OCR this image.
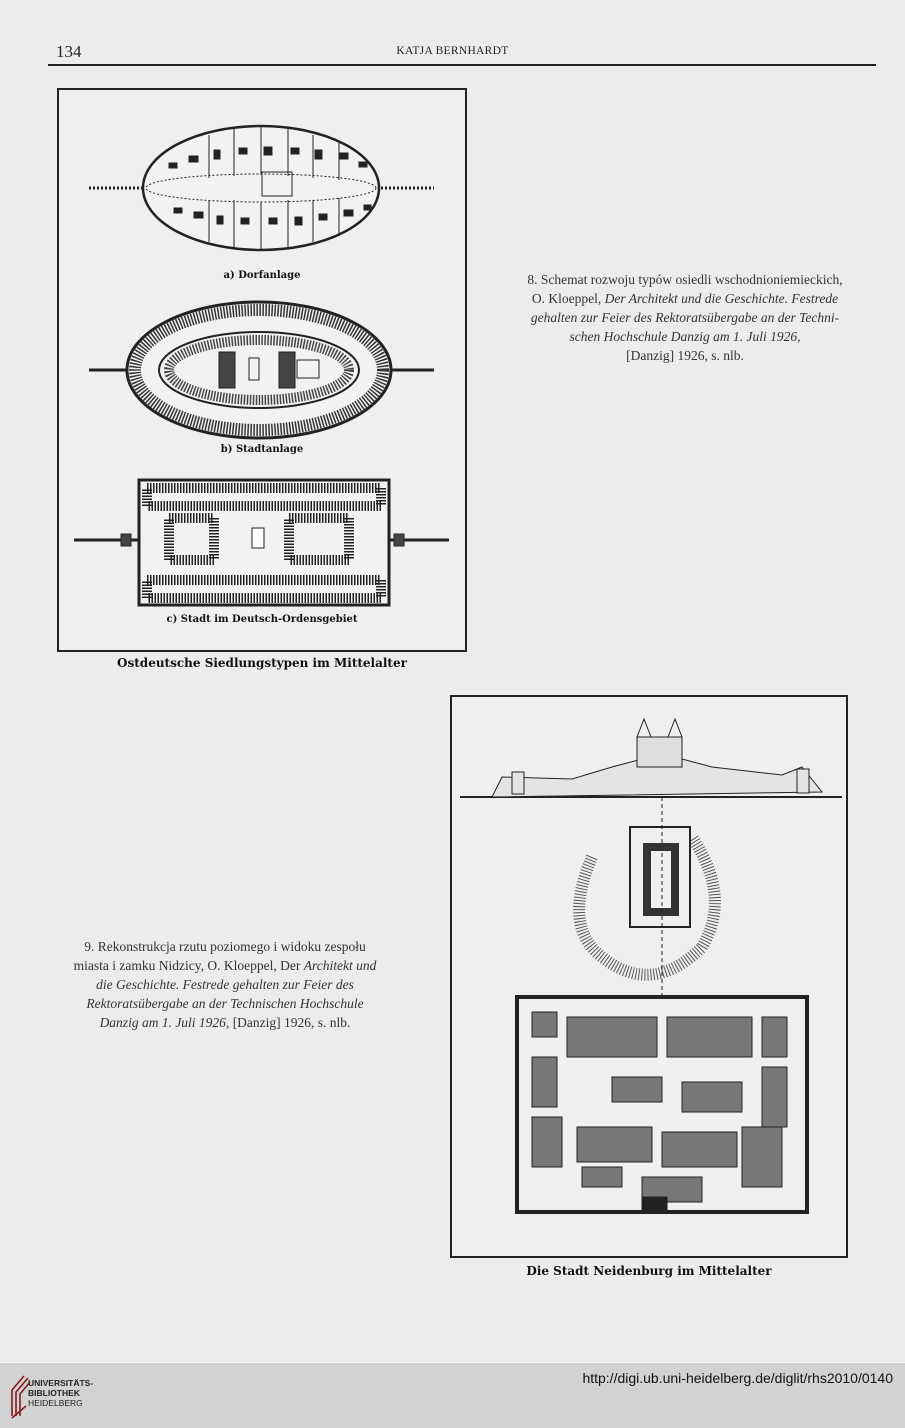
134	KATJA BERNHARDT
a) Dorfanlage
b) Stadtanlage
c) Stadt im Deutsch-Ordensgebiet
Ostdeutsche Siedlungstypen im Mittelalter
8. Schemat rozwoju typów osiedli wschodnioniemieckich,
O. Kloeppel, Der Architekt und die Geschichte. Festrede
gehalten zur Feier des Rektoratsübergabe an der Techni-
schen Hochschule Danzig am 1. Juli 1926,
[Danzig] 1926, s. nlb.
Die Stadt Neidenburg im Mittelalter
9. Rekonstrukcja rzutu poziomego i widoku zespołu
miasta i zamku Nidzicy, O. Kloeppel, Der Architekt und
die Geschichte. Festrede gehalten zur Feier des
Rektoratsübergabe an der Technischen Hochschule
Danzig am 1. Juli 1926, [Danzig] 1926, s. nlb.
UNIVERSITÄTS-
BIBLIOTHEK
HEIDELBERG
http://digi.ub.uni-heidelberg.de/diglit/rhs2010/0140
